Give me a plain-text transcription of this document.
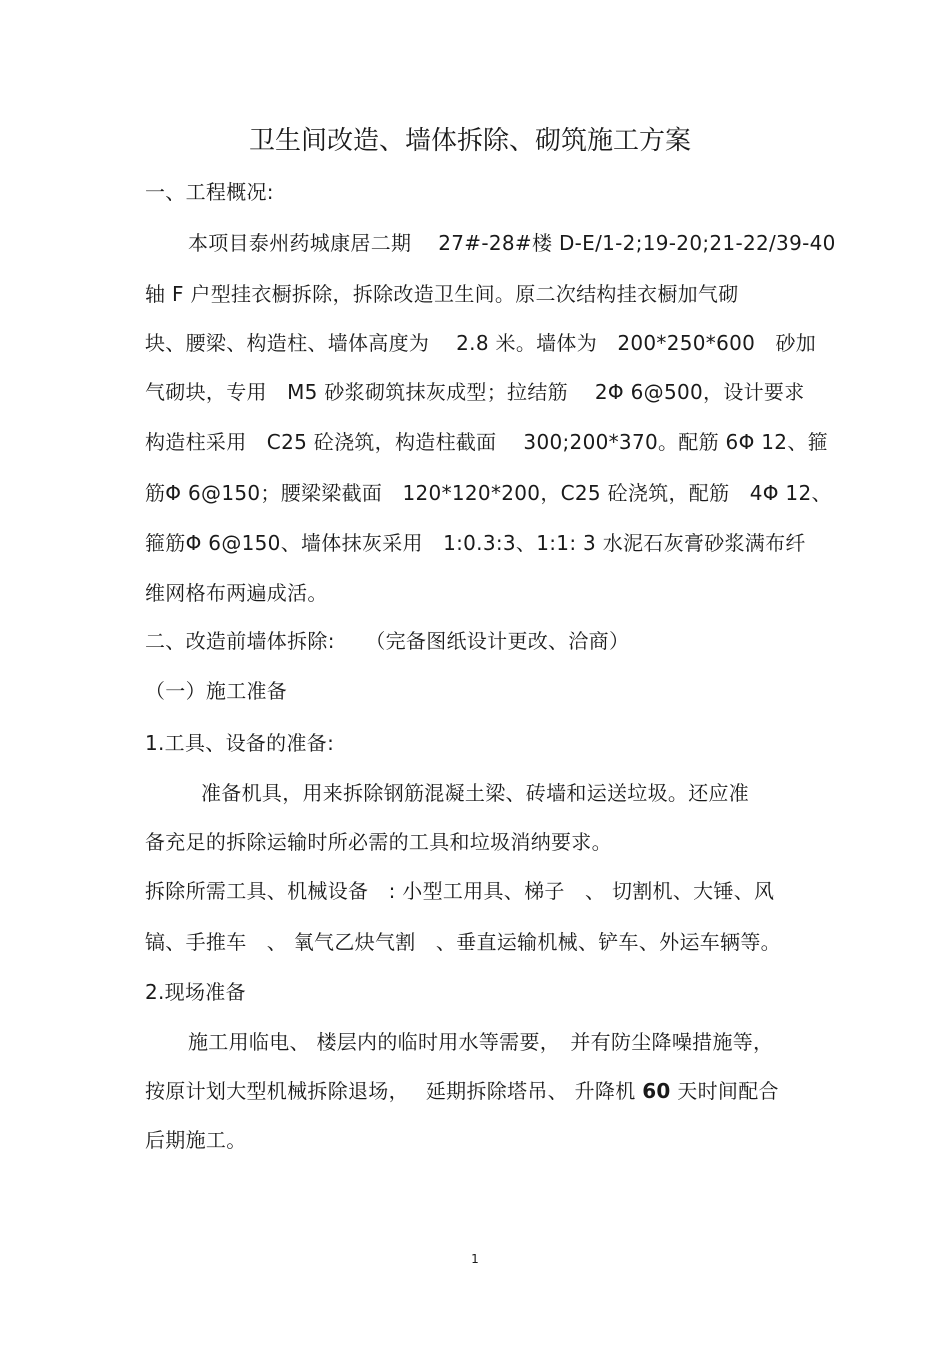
卫生间改造、墙体拆除、砌筑施工方案
一、工程概况:
本项目泰州药城康居二期　 27#-28#楼 D-E/1-2;19-20;21-22/39-40
轴 F 户型挂衣橱拆除，拆除改造卫生间。原二次结构挂衣橱加气砌
块、腰梁、构造柱、墙体高度为　 2.8 米。墙体为　200*250*600　砂加
气砌块，专用　M5 砂浆砌筑抹灰成型；拉结筋　 2Φ 6@500，设计要求
构造柱采用　C25 砼浇筑，构造柱截面　 300;200*370。配筋 6Φ 12、箍
筋Φ 6@150；腰梁梁截面　120*120*200，C25 砼浇筑，配筋　4Φ 12、
箍筋Φ 6@150、墙体抹灰采用　1:0.3:3、1:1: 3 水泥石灰膏砂浆满布纤
维网格布两遍成活。
二、改造前墙体拆除:　　（完备图纸设计更改、洽商）
（一）施工准备
1.工具、设备的准备:
准备机具，用来拆除钢筋混凝土梁、砖墙和运送垃圾。还应准
备充足的拆除运输时所必需的工具和垃圾消纳要求。
拆除所需工具、机械设备　: 小型工用具、梯子　、 切割机、大锤、风
镐、手推车　、 氧气乙炔气割　、垂直运输机械、铲车、外运车辆等。
2.现场准备
施工用临电、 楼层内的临时用水等需要，　并有防尘降噪措施等，
按原计划大型机械拆除退场，　 延期拆除塔吊、 升降机 60 天时间配合
后期施工。
1
